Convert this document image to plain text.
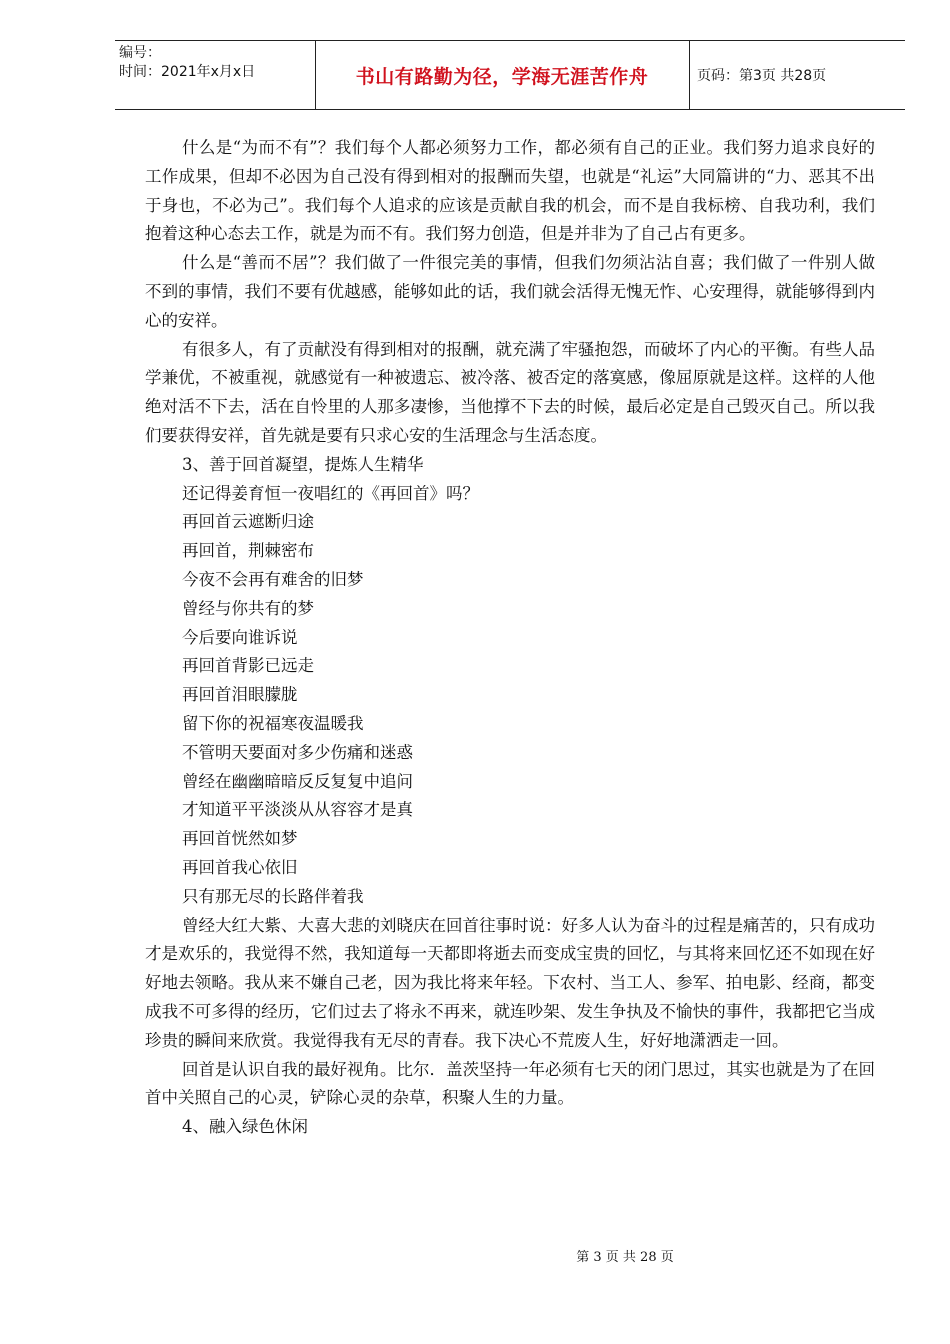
编号：
时间：2021年x月x日	书山有路勤为径，学海无涯苦作舟	页码：第3页 共28页

什么是“为而不有”？我们每个人都必须努力工作，都必须有自己的正业。我们努力追求良好的工作成果，但却不必因为自己没有得到相对的报酬而失望，也就是“礼运”大同篇讲的“力、恶其不出于身也，不必为己”。我们每个人追求的应该是贡献自我的机会，而不是自我标榜、自我功利，我们抱着这种心态去工作，就是为而不有。我们努力创造，但是并非为了自己占有更多。

什么是“善而不居”？我们做了一件很完美的事情，但我们勿须沾沾自喜；我们做了一件别人做不到的事情，我们不要有优越感，能够如此的话，我们就会活得无愧无怍、心安理得，就能够得到内心的安祥。

有很多人，有了贡献没有得到相对的报酬，就充满了牢骚抱怨，而破坏了内心的平衡。有些人品学兼优，不被重视，就感觉有一种被遗忘、被冷落、被否定的落寞感，像屈原就是这样。这样的人他绝对活不下去，活在自怜里的人那多凄惨，当他撑不下去的时候，最后必定是自己毁灭自己。所以我们要获得安祥，首先就是要有只求心安的生活理念与生活态度。

3、善于回首凝望，提炼人生精华

还记得姜育恒一夜唱红的《再回首》吗？

再回首云遮断归途

再回首，荆棘密布

今夜不会再有难舍的旧梦

曾经与你共有的梦

今后要向谁诉说

再回首背影已远走

再回首泪眼朦胧

留下你的祝福寒夜温暖我

不管明天要面对多少伤痛和迷惑

曾经在幽幽暗暗反反复复中追问

才知道平平淡淡从从容容才是真

再回首恍然如梦

再回首我心依旧

只有那无尽的长路伴着我

曾经大红大紫、大喜大悲的刘晓庆在回首往事时说：好多人认为奋斗的过程是痛苦的，只有成功才是欢乐的，我觉得不然，我知道每一天都即将逝去而变成宝贵的回忆，与其将来回忆还不如现在好好地去领略。我从来不嫌自己老，因为我比将来年轻。下农村、当工人、参军、拍电影、经商，都变成我不可多得的经历，它们过去了将永不再来，就连吵架、发生争执及不愉快的事件，我都把它当成珍贵的瞬间来欣赏。我觉得我有无尽的青春。我下决心不荒废人生，好好地潇洒走一回。

回首是认识自我的最好视角。比尔．盖茨坚持一年必须有七天的闭门思过，其实也就是为了在回首中关照自己的心灵，铲除心灵的杂草，积聚人生的力量。

4、融入绿色休闲

第 3 页 共 28 页
